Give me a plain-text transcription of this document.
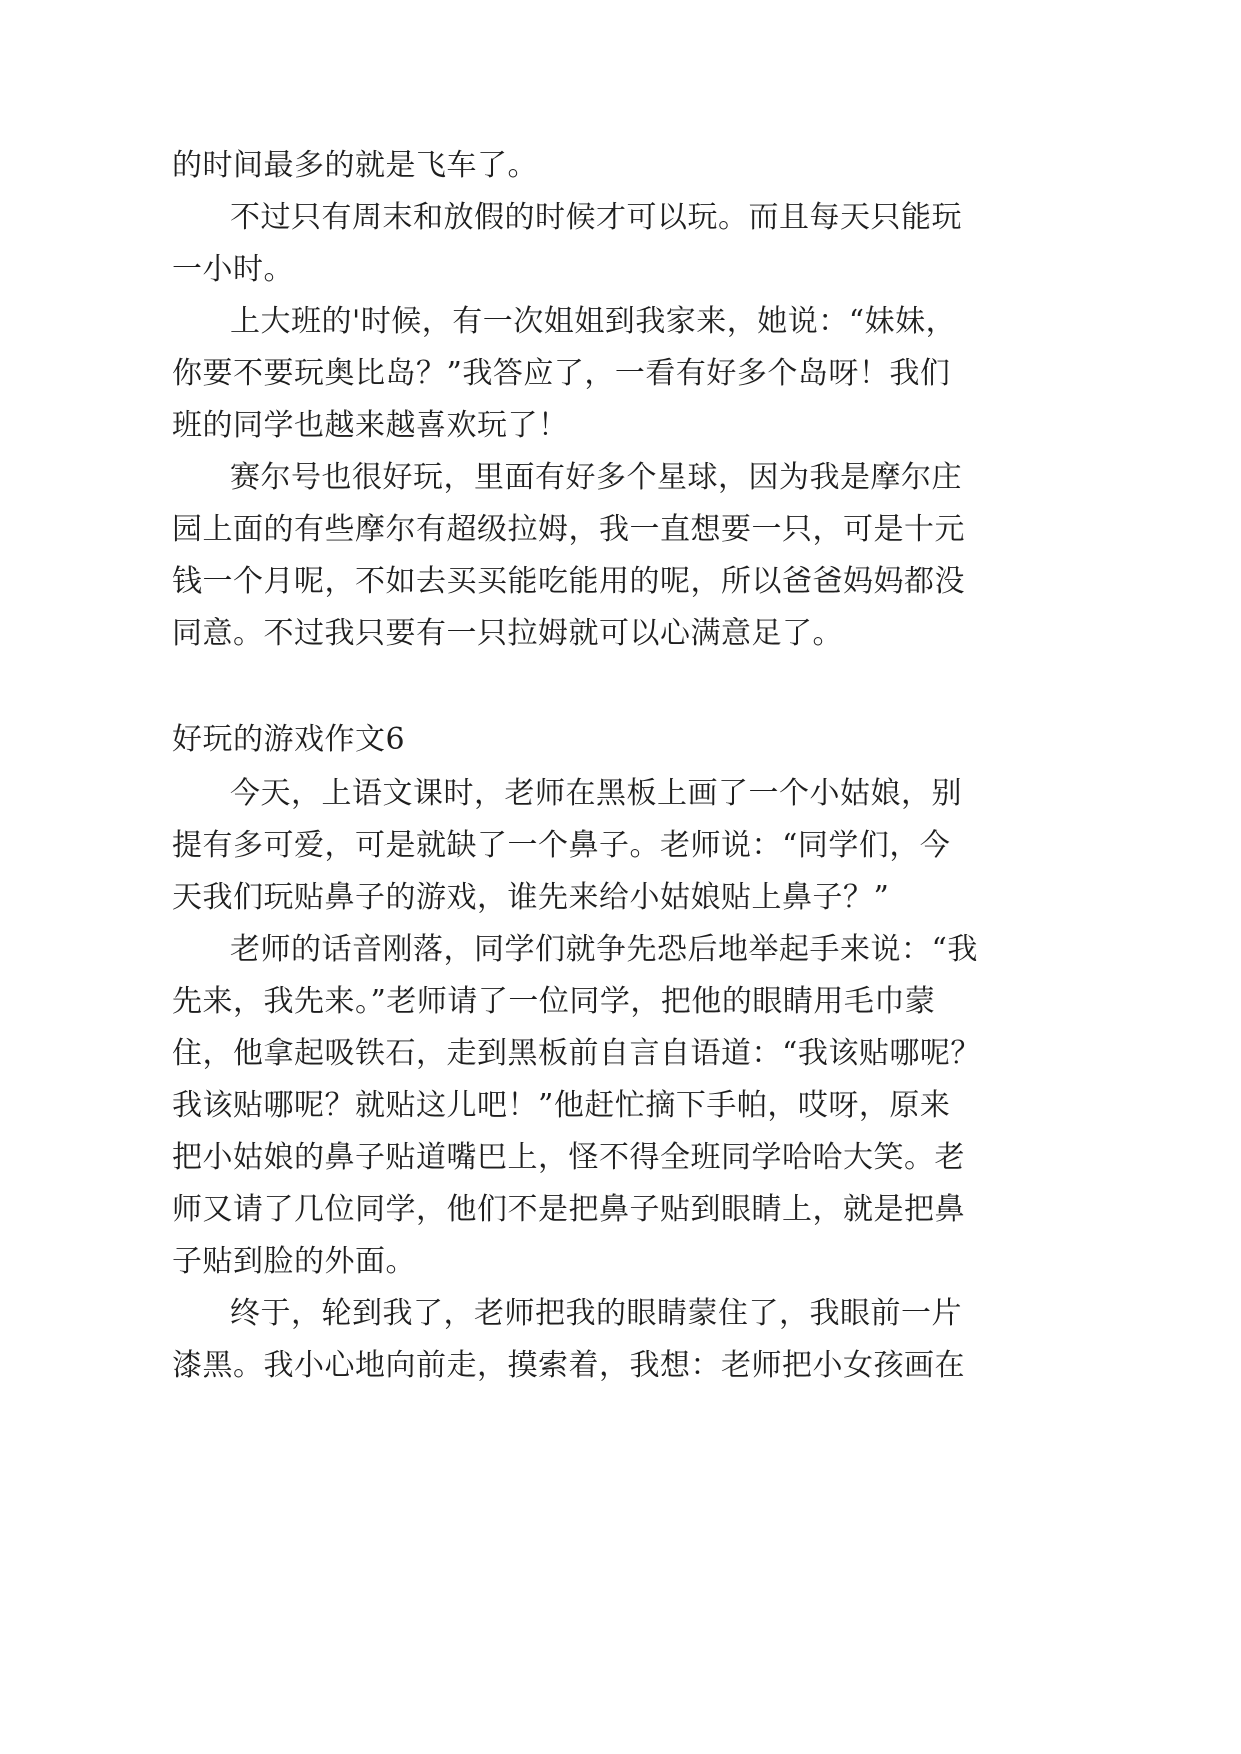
的时间最多的就是飞车了。
不过只有周末和放假的时候才可以玩。而且每天只能玩
一小时。
上大班的'时候，有一次姐姐到我家来，她说：“妹妹，
你要不要玩奥比岛？”我答应了，一看有好多个岛呀！我们
班的同学也越来越喜欢玩了！
赛尔号也很好玩，里面有好多个星球，因为我是摩尔庄
园上面的有些摩尔有超级拉姆，我一直想要一只，可是十元
钱一个月呢，不如去买买能吃能用的呢，所以爸爸妈妈都没
同意。不过我只要有一只拉姆就可以心满意足了。
好玩的游戏作文6
今天，上语文课时，老师在黑板上画了一个小姑娘，别
提有多可爱，可是就缺了一个鼻子。老师说：“同学们，今
天我们玩贴鼻子的游戏，谁先来给小姑娘贴上鼻子？”
老师的话音刚落，同学们就争先恐后地举起手来说：“我
先来，我先来。”老师请了一位同学，把他的眼睛用毛巾蒙
住，他拿起吸铁石，走到黑板前自言自语道：“我该贴哪呢？
我该贴哪呢？就贴这儿吧！”他赶忙摘下手帕，哎呀，原来
把小姑娘的鼻子贴道嘴巴上，怪不得全班同学哈哈大笑。老
师又请了几位同学，他们不是把鼻子贴到眼睛上，就是把鼻
子贴到脸的外面。
终于，轮到我了，老师把我的眼睛蒙住了，我眼前一片
漆黑。我小心地向前走，摸索着，我想：老师把小女孩画在
